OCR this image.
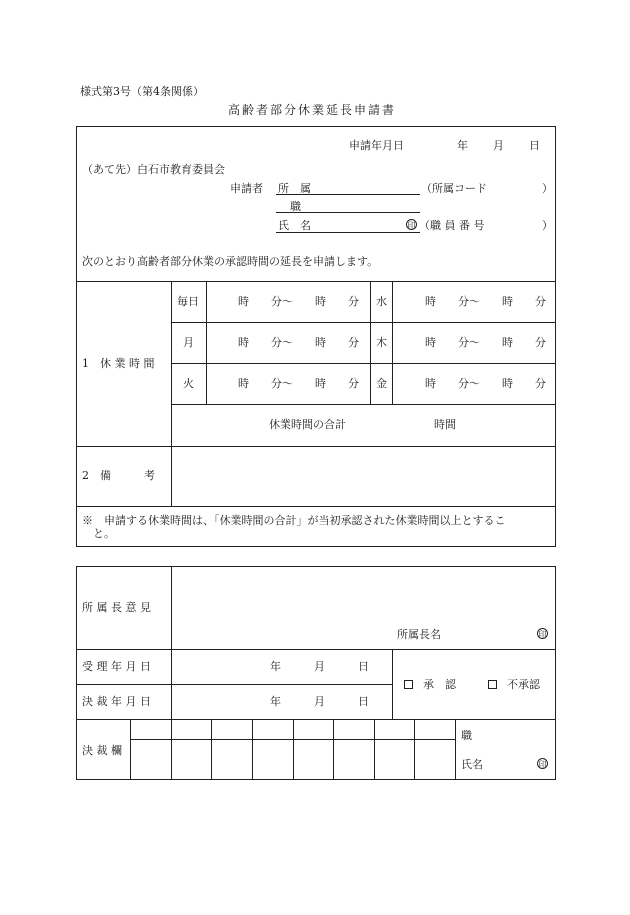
様式第3号（第4条関係）
高齢者部分休業延長申請書
申請年月日	年 月 日
（あて先）白石市教育委員会
申請者 所　属	（所属コード	）
職
氏　名	印 （職 員 番 号	）
次のとおり高齢者部分休業の承認時間の延長を申請します。
1　休 業 時 間
毎日	時　　分〜　　時　　分 水	時　　分〜　　時　　分
月	時　　分〜　　時　　分 木	時　　分〜　　時　　分
火	時　　分〜　　時　　分 金	時　　分〜　　時　　分
休業時間の合計	時間
2　備　　　考
※　申請する休業時間は、「休業時間の合計」が当初承認された休業時間以上とするこ
と。
所 属 長 意 見
所属長名	印
受 理 年 月 日	年　　　月　　　日
決 裁 年 月 日	年　　　月　　　日
承　認	不承認
決 裁 欄
職
氏名	印
